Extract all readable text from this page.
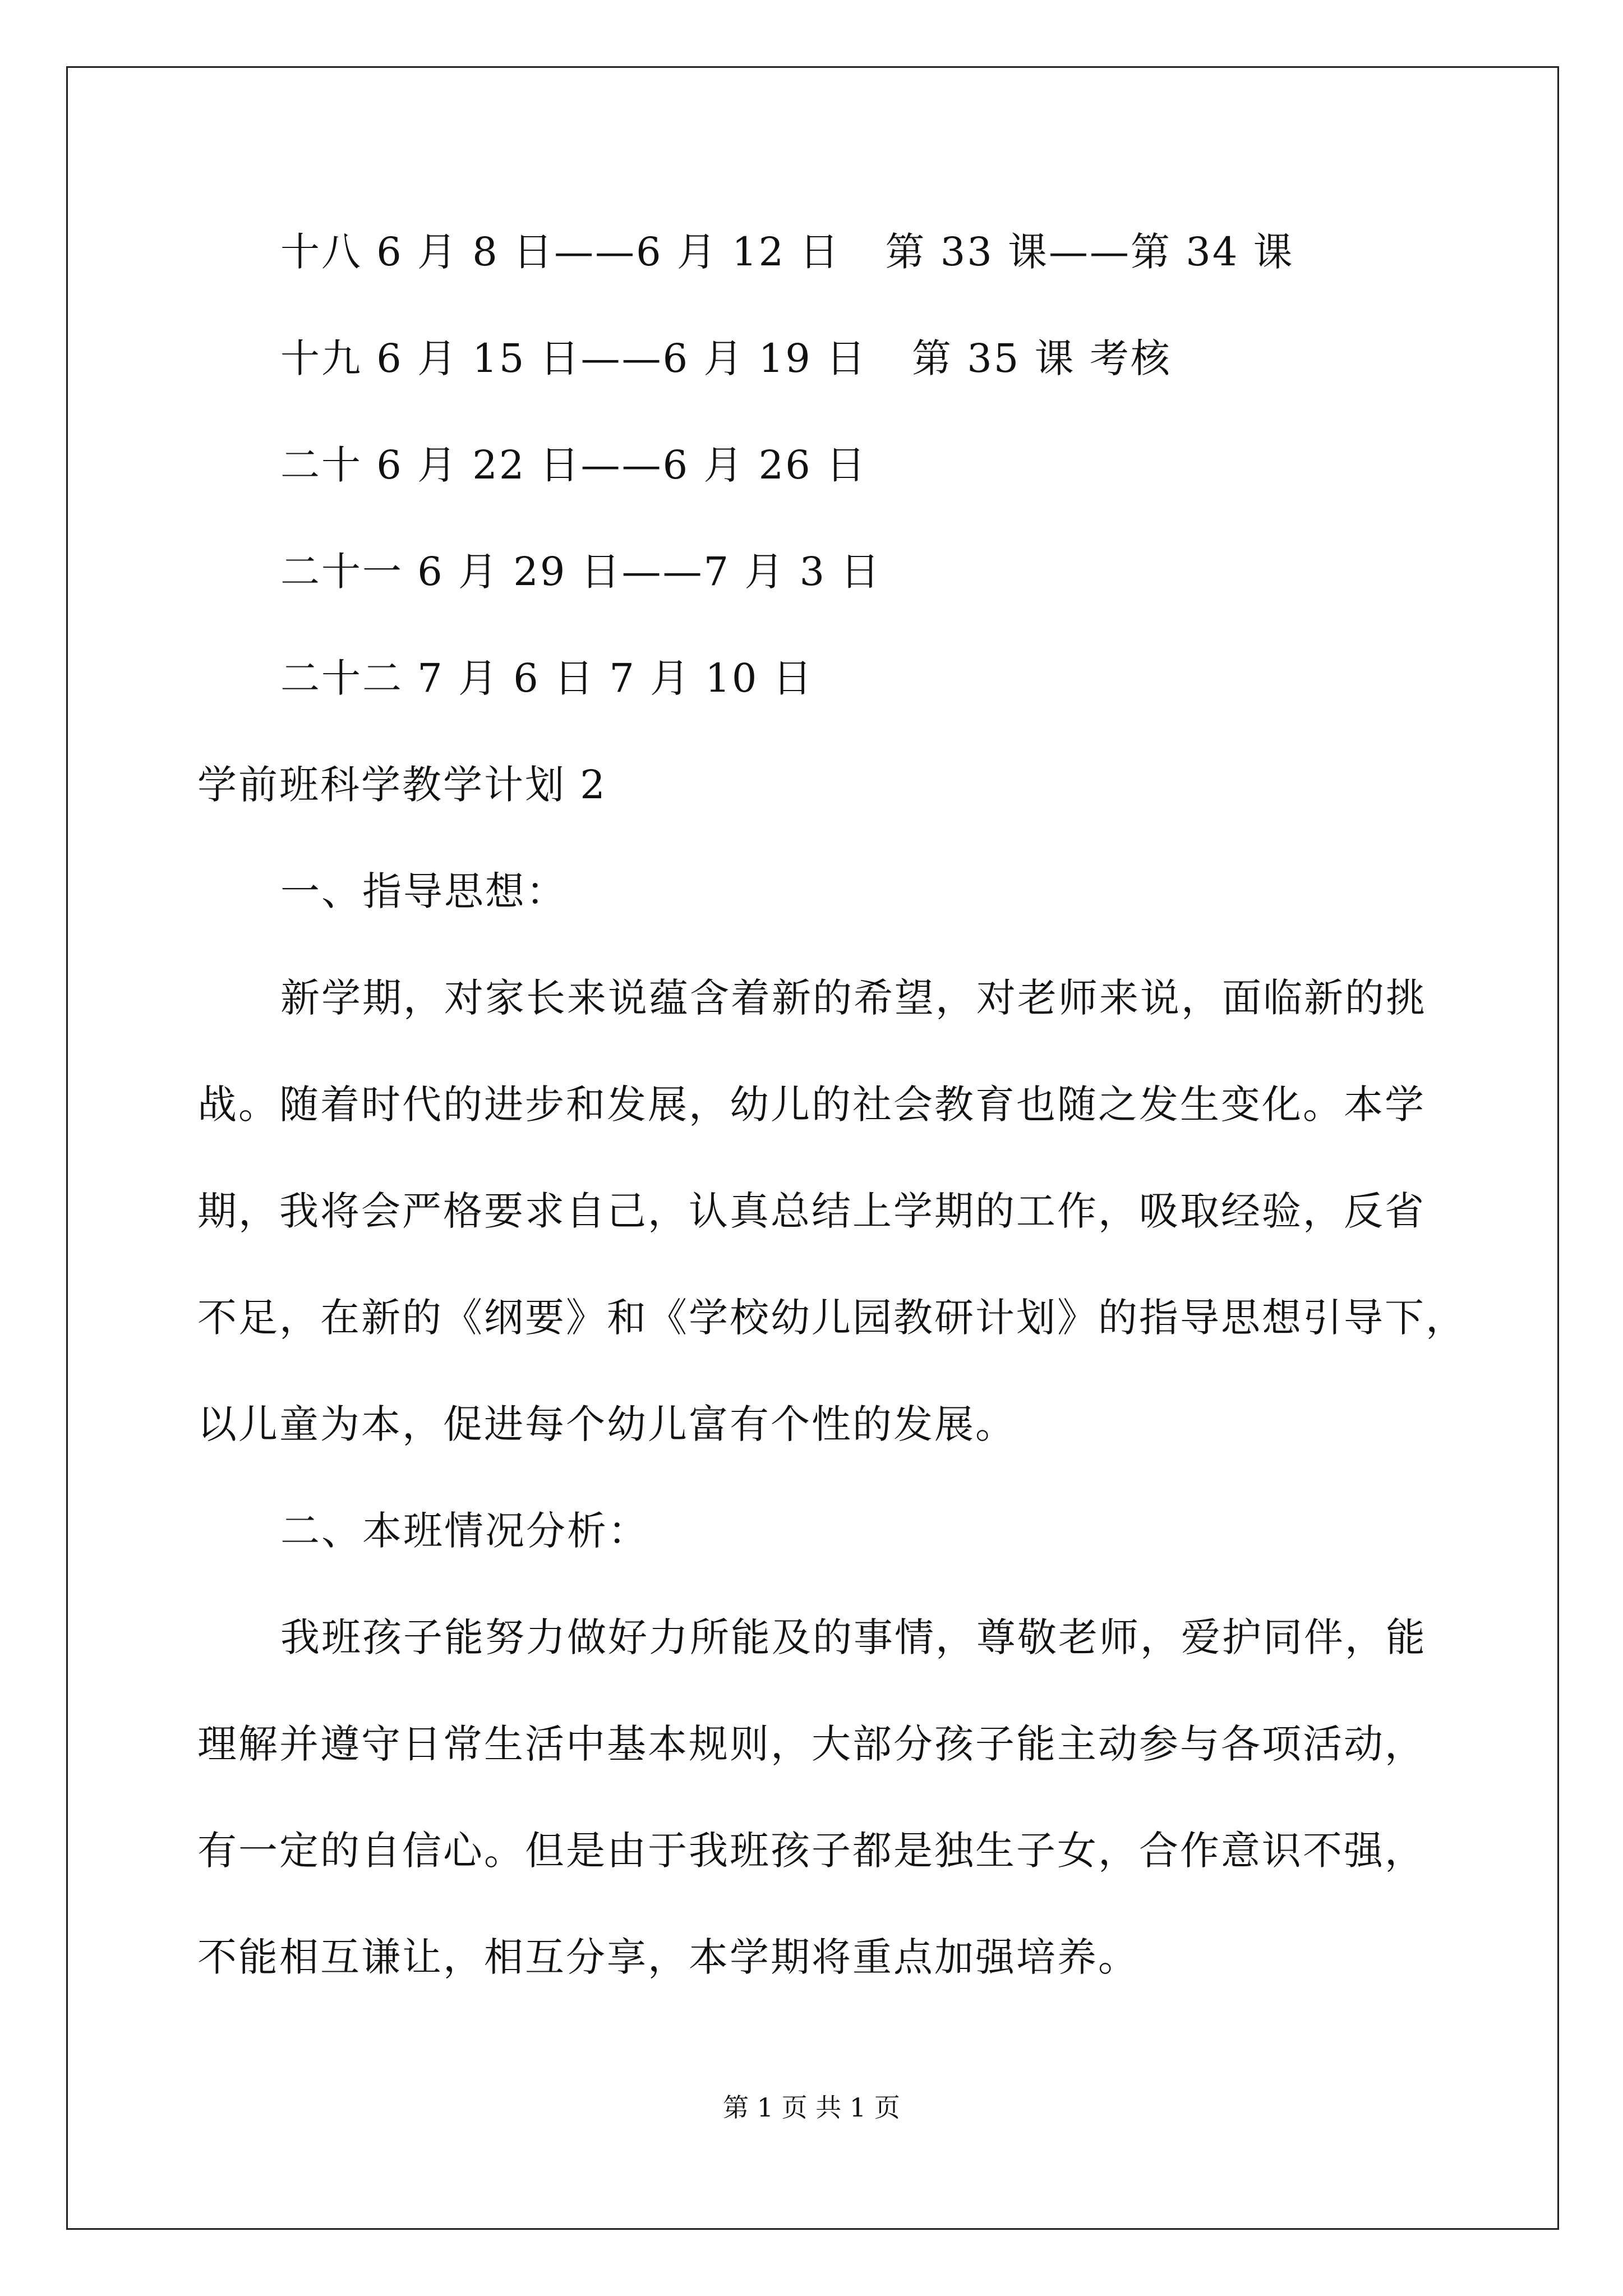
十八 6 月 8 日——6 月 12 日 第 33 课——第 34 课
十九 6 月 15 日——6 月 19 日 第 35 课 考核
二十 6 月 22 日——6 月 26 日
二十一 6 月 29 日——7 月 3 日
二十二 7 月 6 日 7 月 10 日
学前班科学教学计划 2
一、指导思想：
新学期，对家长来说蕴含着新的希望，对老师来说，面临新的挑
战。随着时代的进步和发展，幼儿的社会教育也随之发生变化。本学
期，我将会严格要求自己，认真总结上学期的工作，吸取经验，反省
不足，在新的《纲要》和《学校幼儿园教研计划》的指导思想引导下，
以儿童为本，促进每个幼儿富有个性的发展。
二、本班情况分析：
我班孩子能努力做好力所能及的事情，尊敬老师，爱护同伴，能
理解并遵守日常生活中基本规则，大部分孩子能主动参与各项活动，
有一定的自信心。但是由于我班孩子都是独生子女，合作意识不强，
不能相互谦让，相互分享，本学期将重点加强培养。
第 1 页 共 1 页
